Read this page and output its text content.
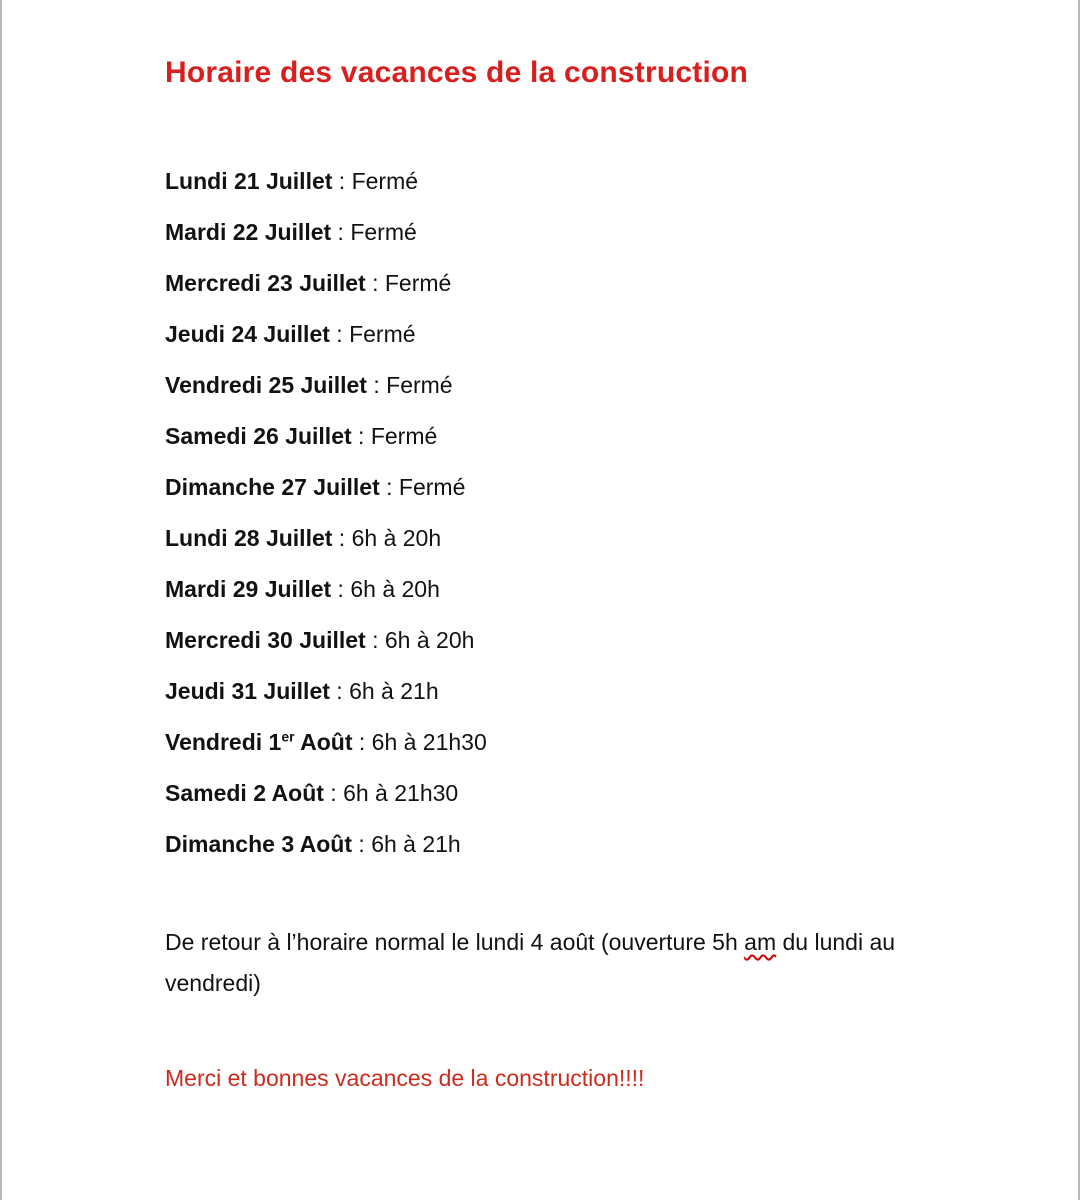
Horaire des vacances de la construction

Lundi 21 Juillet : Fermé

Mardi 22 Juillet : Fermé

Mercredi 23 Juillet : Fermé

Jeudi 24 Juillet : Fermé

Vendredi 25 Juillet : Fermé

Samedi 26 Juillet : Fermé

Dimanche 27 Juillet : Fermé

Lundi 28 Juillet : 6h à 20h

Mardi 29 Juillet : 6h à 20h

Mercredi 30 Juillet : 6h à 20h

Jeudi 31 Juillet : 6h à 21h

Vendredi 1er Août : 6h à 21h30

Samedi 2 Août : 6h à 21h30

Dimanche 3 Août : 6h à 21h

De retour à l’horaire normal le lundi 4 août (ouverture 5h am du lundi au vendredi)

Merci et bonnes vacances de la construction!!!!
